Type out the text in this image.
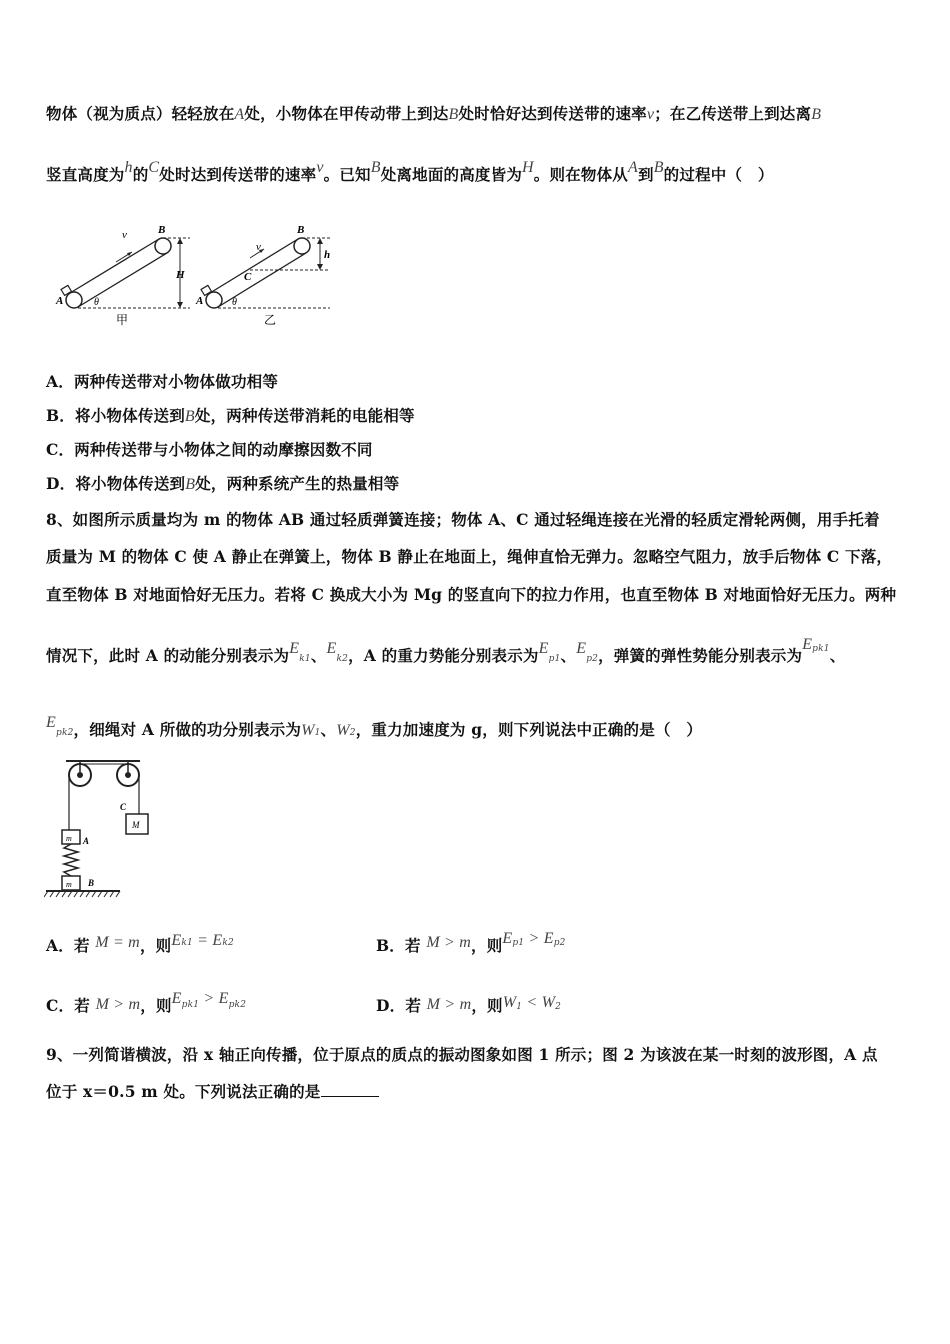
物体（视为质点）轻轻放在A处，小物体在甲传动带上到达B处时恰好达到传送带的速率v；在乙传送带上到达离B
竖直高度为h的C处时达到传送带的速率v。已知B处离地面的高度皆为H。则在物体从A到B的过程中（　）
v	B
A
H
θ
甲
v
B
C
h
A	θ
乙
A．两种传送带对小物体做功相等
B．将小物体传送到B处，两种传送带消耗的电能相等
C．两种传送带与小物体之间的动摩擦因数不同
D．将小物体传送到B处，两种系统产生的热量相等
8、如图所示质量均为 m 的物体 AB 通过轻质弹簧连接；物体 A、C 通过轻绳连接在光滑的轻质定滑轮两侧，用手托着
质量为 M 的物体 C 使 A 静止在弹簧上，物体 B 静止在地面上，绳伸直恰无弹力。忽略空气阻力，放手后物体 C 下落，
直至物体 B 对地面恰好无压力。若将 C 换成大小为 Mg 的竖直向下的拉力作用，也直至物体 B 对地面恰好无压力。两种
情况下，此时 A 的动能分别表示为Ek1、Ek2，A 的重力势能分别表示为Ep1、Ep2，弹簧的弹性势能分别表示为$E^{pk1}$、
Epk2，细绳对 A 所做的功分别表示为W1、W2，重力加速度为 g，则下列说法中正确的是（　）
m A
m B
M
C
A．若 M = m，则$E^{k1} = E^{k2}$	B．若 M > m，则$E^{p1} > E^{p2}$
C．若 M > m，则$E^{pk1} > E^{pk2}$	D．若 M > m，则W1 < W2
9、一列简谐横波，沿 x 轴正向传播，位于原点的质点的振动图象如图 1 所示；图 2 为该波在某一时刻的波形图，A 点
位于 x＝0.5 m 处。下列说法正确的是
